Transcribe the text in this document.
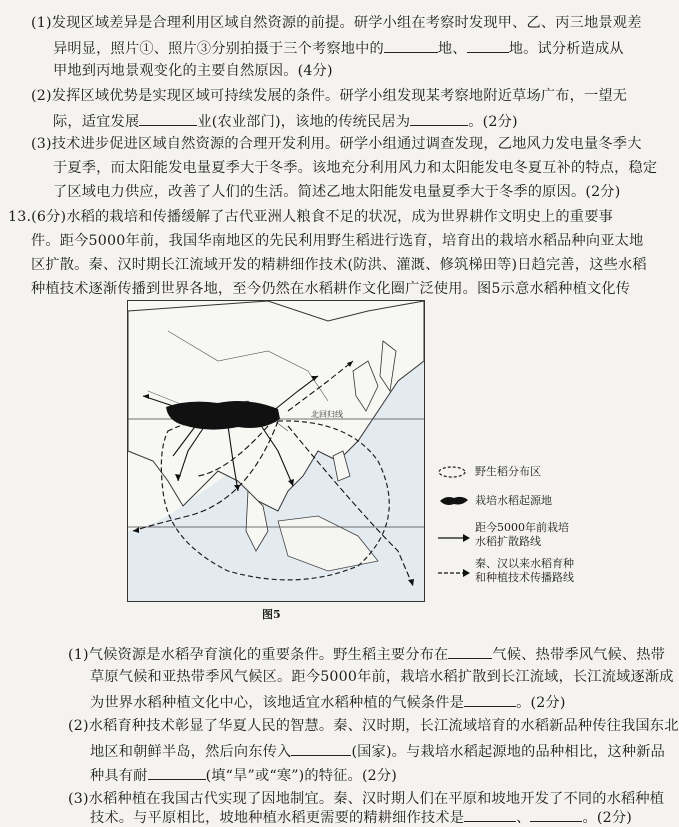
(1)发现区域差异是合理利用区域自然资源的前提。研学小组在考察时发现甲、乙、丙三地景观差
异明显，照片①、照片③分别拍摄于三个考察地中的	地、	地。试分析造成从
甲地到丙地景观变化的主要自然原因。(4分)
(2)发挥区域优势是实现区域可持续发展的条件。研学小组发现某考察地附近草场广布，一望无
际，适宜发展	业(农业部门)，该地的传统民居为	。(2分)
(3)技术进步促进区域自然资源的合理开发利用。研学小组通过调查发现，乙地风力发电量冬季大
于夏季，而太阳能发电量夏季大于冬季。该地充分利用风力和太阳能发电冬夏互补的特点，稳定
了区域电力供应，改善了人们的生活。简述乙地太阳能发电量夏季大于冬季的原因。(2分)
13.(6分)水稻的栽培和传播缓解了古代亚洲人粮食不足的状况，成为世界耕作文明史上的重要事
件。距今5000年前，我国华南地区的先民利用野生稻进行选育，培育出的栽培水稻品种向亚太地
区扩散。秦、汉时期长江流域开发的精耕细作技术(防洪、灌溉、修筑梯田等)日趋完善，这些水稻
种植技术逐渐传播到世界各地，至今仍然在水稻耕作文化圈广泛使用。图5示意水稻种植文化传
北回归线
图5
野生稻分布区
栽培水稻起源地
距今5000年前栽培
水稻扩散路线
秦、汉以来水稻育种
和种植技术传播路线
(1)气候资源是水稻孕育演化的重要条件。野生稻主要分布在	气候、热带季风气候、热带
草原气候和亚热带季风气候区。距今5000年前，栽培水稻扩散到长江流域，长江流域逐渐成
为世界水稻种植文化中心，该地适宜水稻种植的气候条件是	。(2分)
(2)水稻育种技术彰显了华夏人民的智慧。秦、汉时期，长江流域培育的水稻新品种传往我国东北
地区和朝鲜半岛，然后向东传入	(国家)。与栽培水稻起源地的品种相比，这种新品
种具有耐	(填“旱”或“寒”)的特征。(2分)
(3)水稻种植在我国古代实现了因地制宜。秦、汉时期人们在平原和坡地开发了不同的水稻种植
技术。与平原相比，坡地种植水稻更需要的精耕细作技术是	、	。(2分)
